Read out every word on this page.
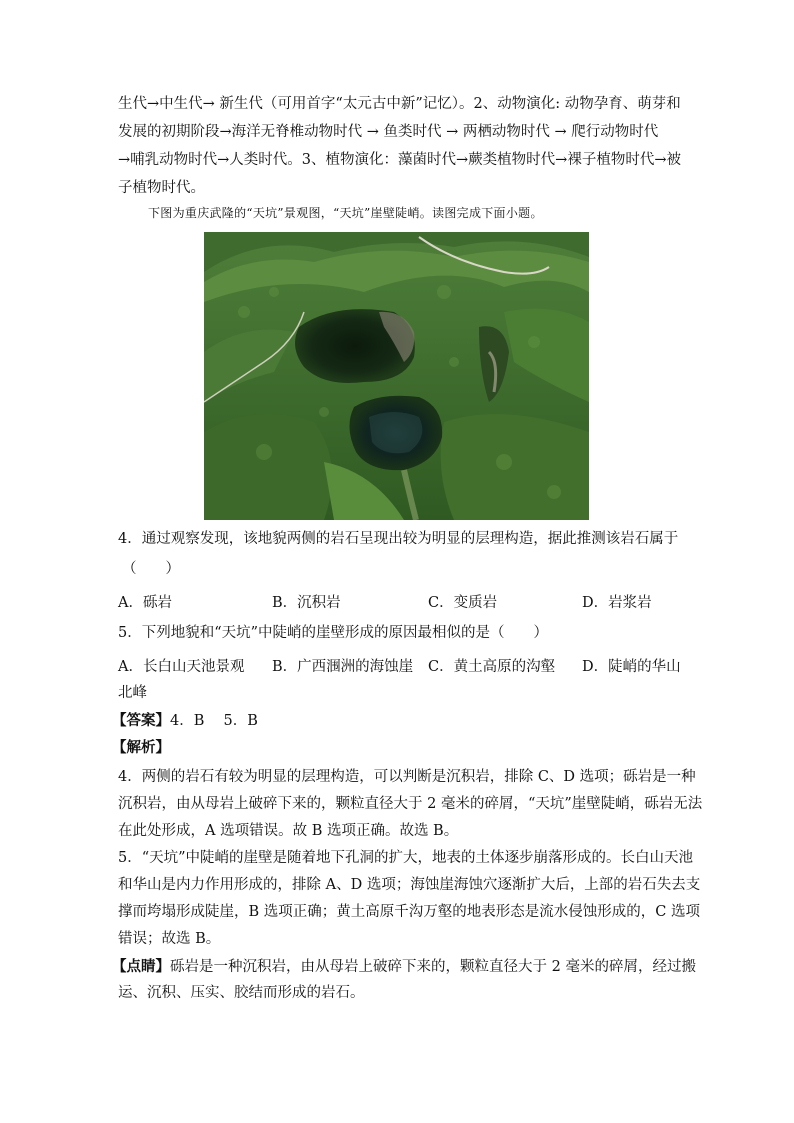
生代→中生代→ 新生代（可用首字“太元古中新”记忆）。2、动物演化: 动物孕育、萌芽和
发展的初期阶段→海洋无脊椎动物时代 → 鱼类时代 → 两栖动物时代 → 爬行动物时代
→哺乳动物时代→人类时代。3、植物演化：藻菌时代→蕨类植物时代→裸子植物时代→被
子植物时代。
下图为重庆武隆的“天坑”景观图，“天坑”崖壁陡峭。读图完成下面小题。
4．通过观察发现，该地貌两侧的岩石呈现出较为明显的层理构造，据此推测该岩石属于
（　　）
A．砾岩	B．沉积岩	C．变质岩	D．岩浆岩
5．下列地貌和“天坑”中陡峭的崖壁形成的原因最相似的是（　　）
A．长白山天池景观 B．广西涠洲的海蚀崖 C．黄土高原的沟壑 D．陡峭的华山
北峰
【答案】4．B　 5．B
【解析】
4．两侧的岩石有较为明显的层理构造，可以判断是沉积岩，排除 C、D 选项；砾岩是一种
沉积岩，由从母岩上破碎下来的，颗粒直径大于 2 毫米的碎屑，“天坑”崖壁陡峭，砾岩无法
在此处形成，A 选项错误。故 B 选项正确。故选 B。
5．“天坑”中陡峭的崖壁是随着地下孔洞的扩大，地表的土体逐步崩落形成的。长白山天池
和华山是内力作用形成的，排除 A、D 选项；海蚀崖海蚀穴逐渐扩大后，上部的岩石失去支
撑而垮塌形成陡崖，B 选项正确；黄土高原千沟万壑的地表形态是流水侵蚀形成的，C 选项
错误；故选 B。
【点睛】砾岩是一种沉积岩，由从母岩上破碎下来的，颗粒直径大于 2 毫米的碎屑，经过搬
运、沉积、压实、胶结而形成的岩石。
